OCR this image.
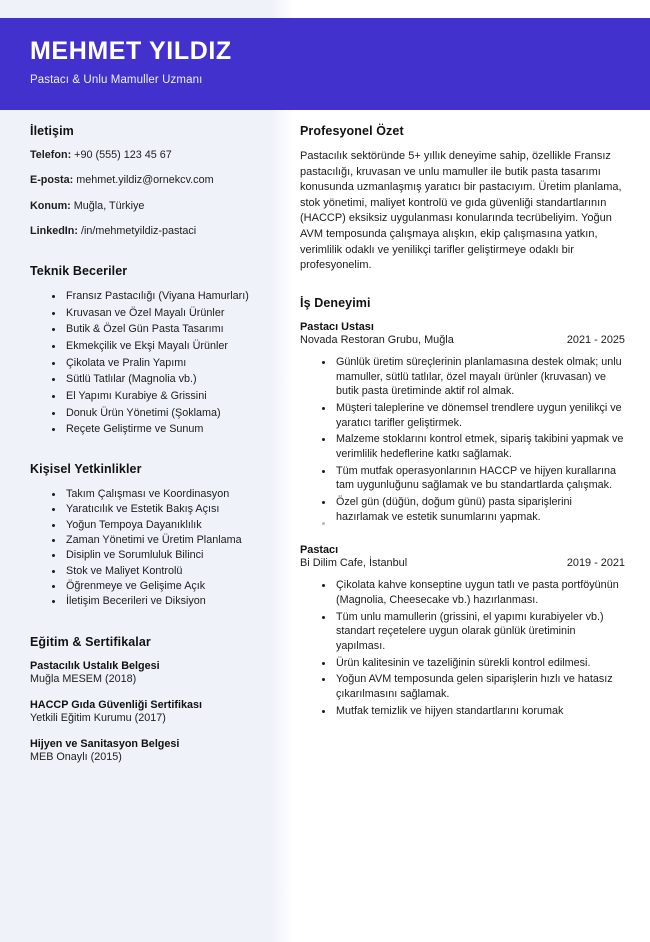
MEHMET YILDIZ
Pastacı & Unlu Mamuller Uzmanı
İletişim
Telefon: +90 (555) 123 45 67
E-posta: mehmet.yildiz@ornekcv.com
Konum: Muğla, Türkiye
LinkedIn: /in/mehmetyildiz-pastaci
Teknik Beceriler
Fransız Pastacılığı (Viyana Hamurları)
Kruvasan ve Özel Mayalı Ürünler
Butik & Özel Gün Pasta Tasarımı
Ekmekçilik ve Ekşi Mayalı Ürünler
Çikolata ve Pralin Yapımı
Sütlü Tatlılar (Magnolia vb.)
El Yapımı Kurabiye & Grissini
Donuk Ürün Yönetimi (Şoklama)
Reçete Geliştirme ve Sunum
Kişisel Yetkinlikler
Takım Çalışması ve Koordinasyon
Yaratıcılık ve Estetik Bakış Açısı
Yoğun Tempoya Dayanıklılık
Zaman Yönetimi ve Üretim Planlama
Disiplin ve Sorumluluk Bilinci
Stok ve Maliyet Kontrolü
Öğrenmeye ve Gelişime Açık
İletişim Becerileri ve Diksiyon
Eğitim & Sertifikalar
Pastacılık Ustalık Belgesi
Muğla MESEM (2018)
HACCP Gıda Güvenliği Sertifikası
Yetkili Eğitim Kurumu (2017)
Hijyen ve Sanitasyon Belgesi
MEB Onaylı (2015)
Profesyonel Özet

Pastacılık sektöründe 5+ yıllık deneyime sahip, özellikle Fransız pastacılığı, kruvasan ve unlu mamuller ile butik pasta tasarımı konusunda uzmanlaşmış yaratıcı bir pastacıyım. Üretim planlama, stok yönetimi, maliyet kontrolü ve gıda güvenliği standartlarının (HACCP) eksiksiz uygulanması konularında tecrübeliyim. Yoğun AVM temposunda çalışmaya alışkın, ekip çalışmasına yatkın, verimlilik odaklı ve yenilikçi tarifler geliştirmeye odaklı bir profesyonelim.

İş Deneyimi
Pastacı Ustası
Novada Restoran Grubu, Muğla	2021 - 2025
Günlük üretim süreçlerinin planlamasına destek olmak; unlu mamuller, sütlü tatlılar, özel mayalı ürünler (kruvasan) ve butik pasta üretiminde aktif rol almak.
Müşteri taleplerine ve dönemsel trendlere uygun yenilikçi ve yaratıcı tarifler geliştirmek.
Malzeme stoklarını kontrol etmek, sipariş takibini yapmak ve verimlilik hedeflerine katkı sağlamak.
Tüm mutfak operasyonlarının HACCP ve hijyen kurallarına tam uygunluğunu sağlamak ve bu standartlarda çalışmak.
Özel gün (düğün, doğum günü) pasta siparişlerini hazırlamak ve estetik sunumlarını yapmak.
Pastacı
Bi Dilim Cafe, İstanbul	2019 - 2021
Çikolata kahve konseptine uygun tatlı ve pasta portföyünün (Magnolia, Cheesecake vb.) hazırlanması.
Tüm unlu mamullerin (grissini, el yapımı kurabiyeler vb.) standart reçetelere uygun olarak günlük üretiminin yapılması.
Ürün kalitesinin ve tazeliğinin sürekli kontrol edilmesi.
Yoğun AVM temposunda gelen siparişlerin hızlı ve hatasız çıkarılmasını sağlamak.
Mutfak temizlik ve hijyen standartlarını korumak
